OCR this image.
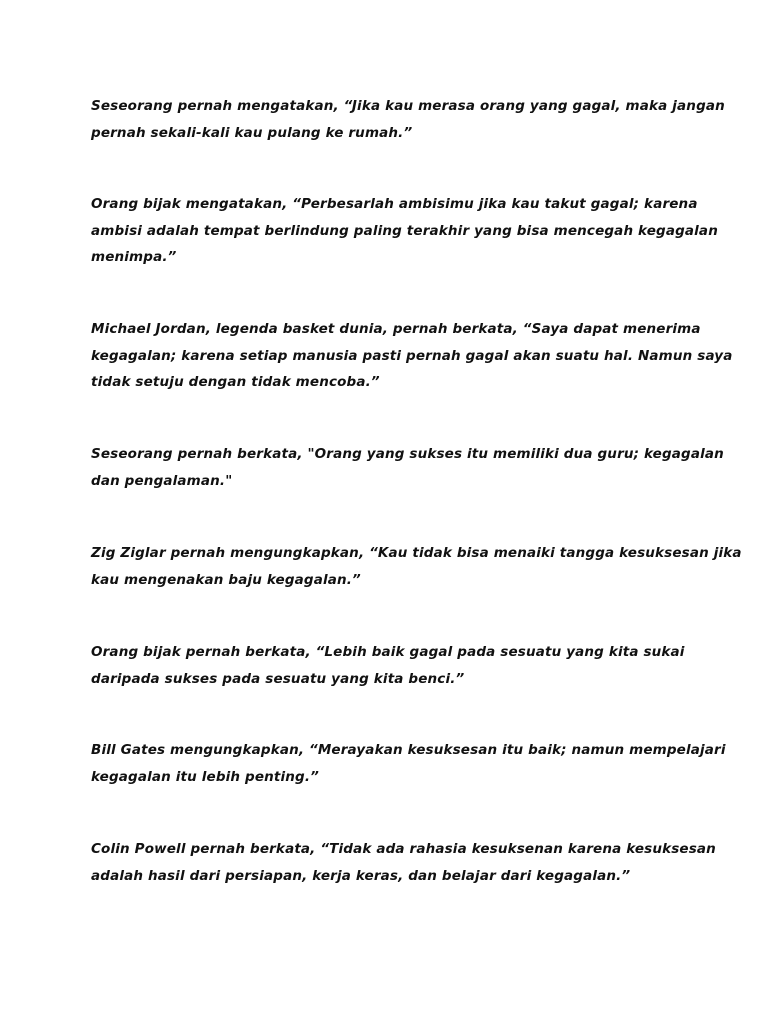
Seseorang pernah mengatakan, “Jika kau merasa orang yang gagal, maka jangan
pernah sekali-kali kau pulang ke rumah.”

Orang bijak mengatakan, “Perbesarlah ambisimu jika kau takut gagal; karena
ambisi adalah tempat berlindung paling terakhir yang bisa mencegah kegagalan
menimpa.”

Michael Jordan, legenda basket dunia, pernah berkata, “Saya dapat menerima
kegagalan; karena setiap manusia pasti pernah gagal akan suatu hal. Namun saya
tidak setuju dengan tidak mencoba.”

Seseorang pernah berkata, "Orang yang sukses itu memiliki dua guru; kegagalan
dan pengalaman."

Zig Ziglar pernah mengungkapkan, “Kau tidak bisa menaiki tangga kesuksesan jika
kau mengenakan baju kegagalan.”

Orang bijak pernah berkata, “Lebih baik gagal pada sesuatu yang kita sukai
daripada sukses pada sesuatu yang kita benci.”

Bill Gates mengungkapkan, “Merayakan kesuksesan itu baik; namun mempelajari
kegagalan itu lebih penting.”

Colin Powell pernah berkata, “Tidak ada rahasia kesuksenan karena kesuksesan
adalah hasil dari persiapan, kerja keras, dan belajar dari kegagalan.”
